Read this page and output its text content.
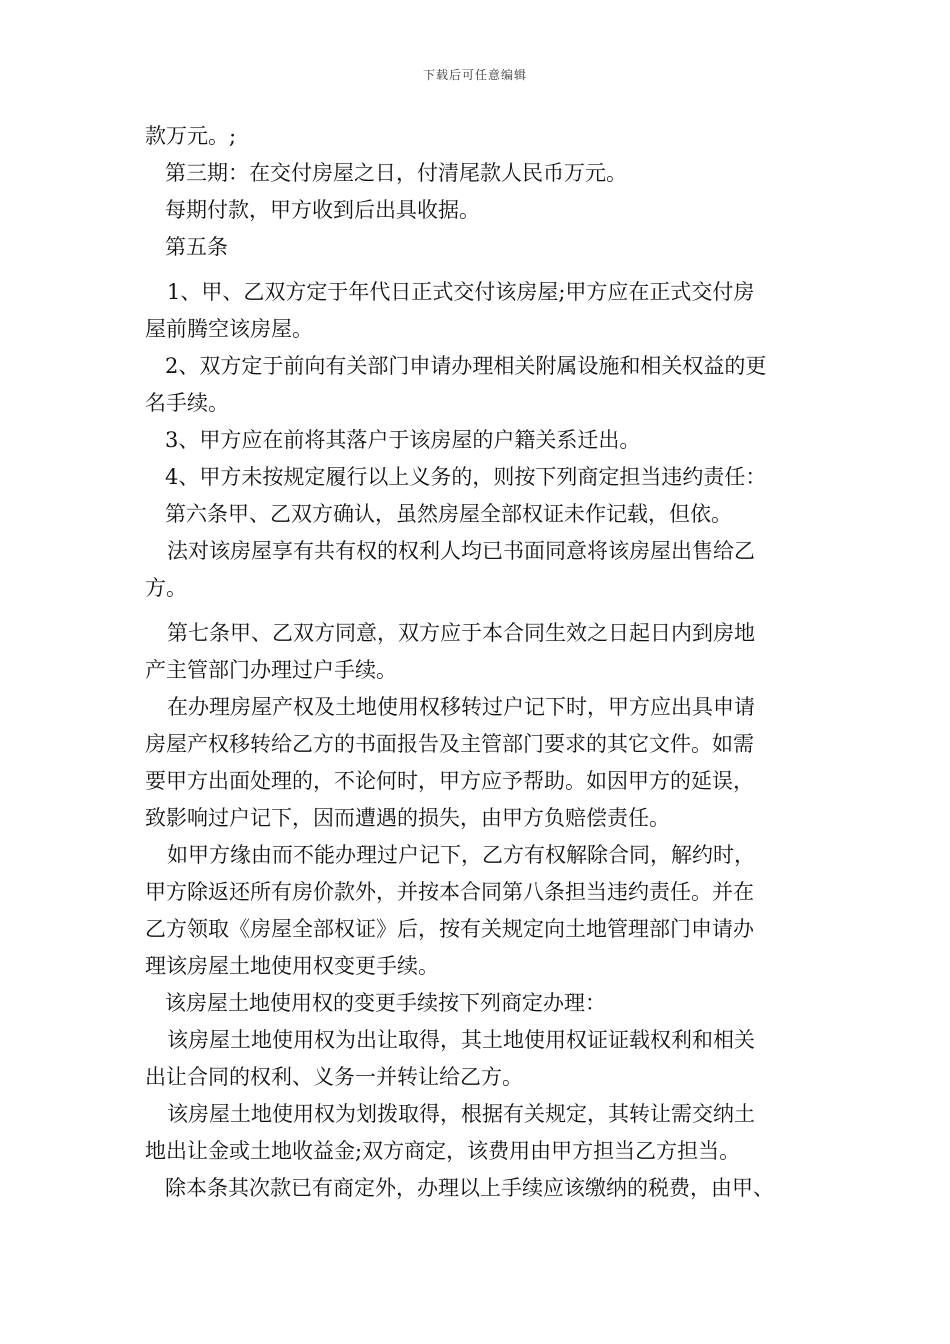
下载后可任意编辑
款万元。;
第三期：在交付房屋之日，付清尾款人民币万元。
每期付款，甲方收到后出具收据。
第五条
1、甲、乙双方定于年代日正式交付该房屋;甲方应在正式交付房
屋前腾空该房屋。
2、双方定于前向有关部门申请办理相关附属设施和相关权益的更
名手续。
3、甲方应在前将其落户于该房屋的户籍关系迁出。
4、甲方未按规定履行以上义务的，则按下列商定担当违约责任：
第六条甲、乙双方确认，虽然房屋全部权证未作记载，但依。
法对该房屋享有共有权的权利人均已书面同意将该房屋出售给乙
方。
第七条甲、乙双方同意，双方应于本合同生效之日起日内到房地
产主管部门办理过户手续。
在办理房屋产权及土地使用权移转过户记下时，甲方应出具申请
房屋产权移转给乙方的书面报告及主管部门要求的其它文件。如需
要甲方出面处理的，不论何时，甲方应予帮助。如因甲方的延误，
致影响过户记下，因而遭遇的损失，由甲方负赔偿责任。
如甲方缘由而不能办理过户记下，乙方有权解除合同，解约时，
甲方除返还所有房价款外，并按本合同第八条担当违约责任。并在
乙方领取《房屋全部权证》后，按有关规定向土地管理部门申请办
理该房屋土地使用权变更手续。
该房屋土地使用权的变更手续按下列商定办理：
该房屋土地使用权为出让取得，其土地使用权证证载权利和相关
出让合同的权利、义务一并转让给乙方。
该房屋土地使用权为划拨取得，根据有关规定，其转让需交纳土
地出让金或土地收益金;双方商定，该费用由甲方担当乙方担当。
除本条其次款已有商定外，办理以上手续应该缴纳的税费，由甲、
